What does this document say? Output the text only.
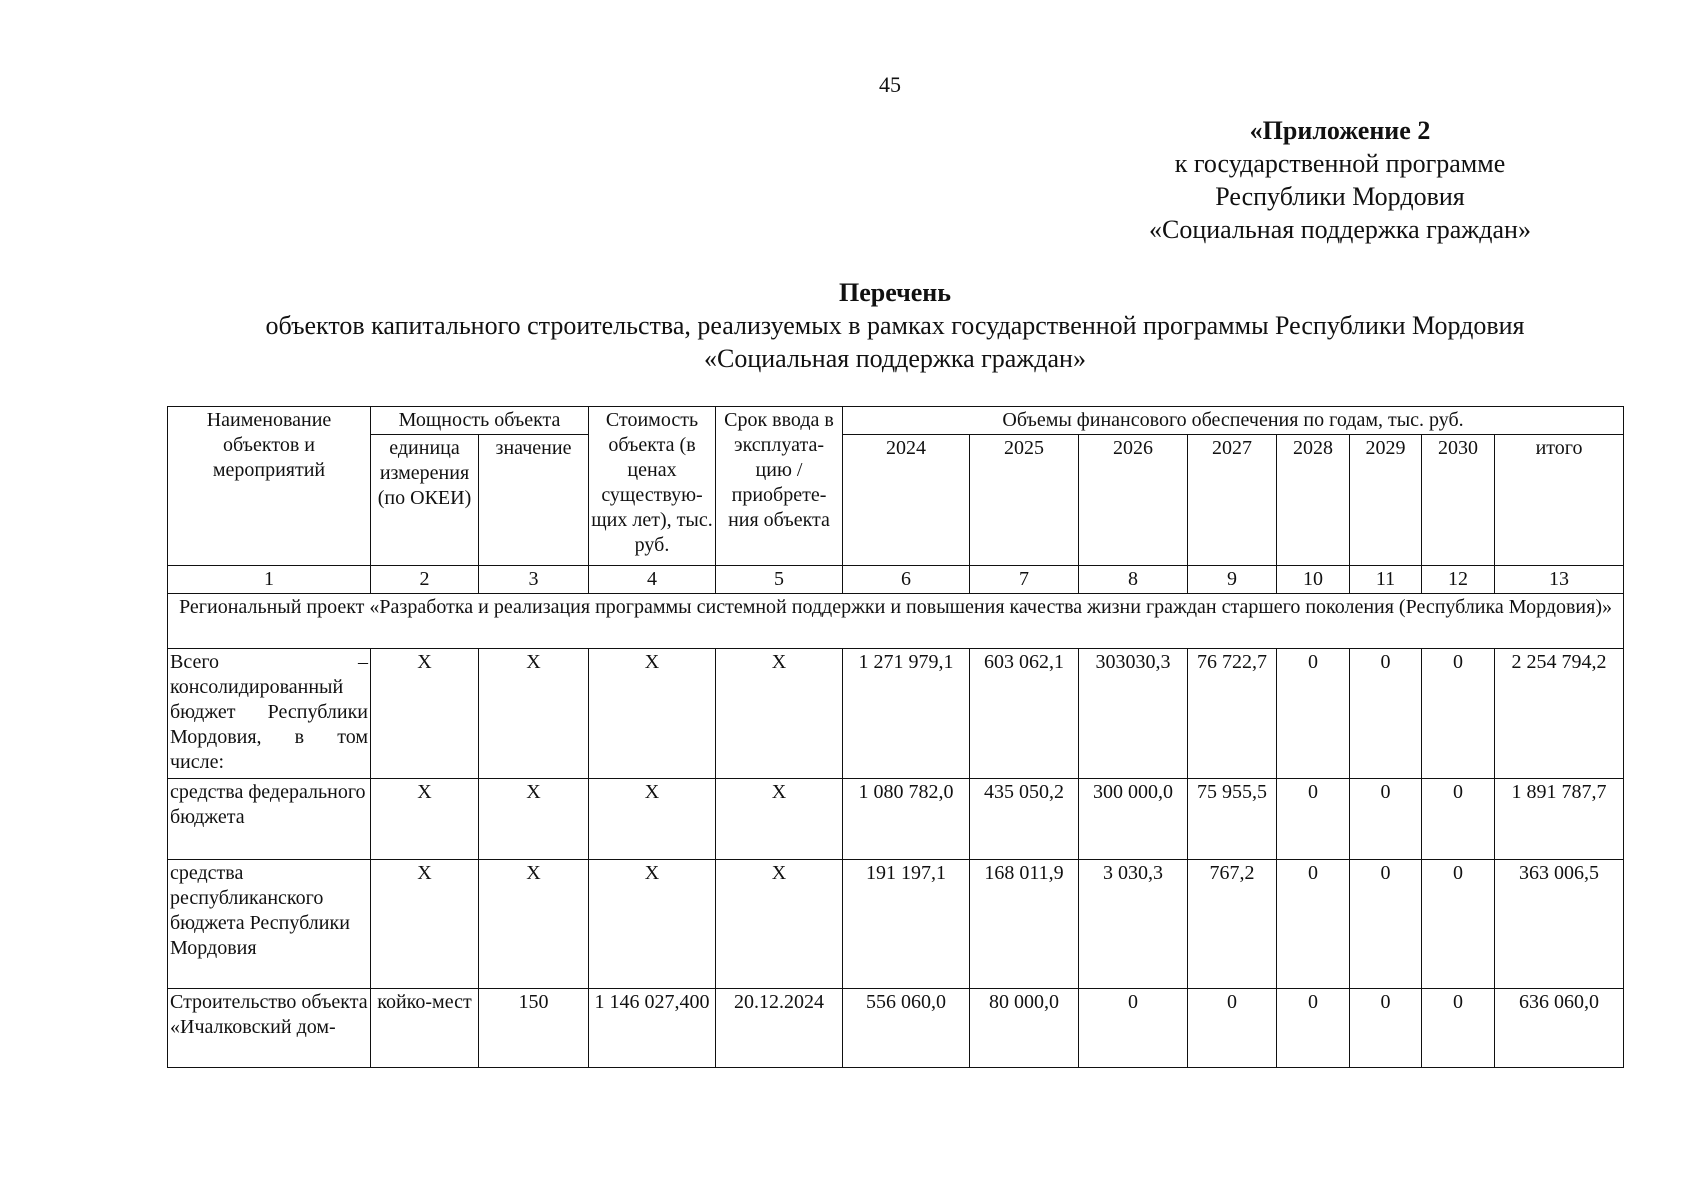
45
«Приложение 2
к государственной программе
Республики Мордовия
«Социальная поддержка граждан»
Перечень
объектов капитального строительства, реализуемых в рамках государственной программы Республики Мордовия
«Социальная поддержка граждан»
Наименование объектов и мероприятий	Мощность объекта		Стоимость объекта (в ценах существую-щих лет), тыс. руб.	Срок ввода в эксплуата-цию / приобрете-ния объекта	Объемы финансового обеспечения по годам, тыс. руб.							
	единица измерения (по ОКЕИ)	значение			2024	2025	2026	2027	2028	2029	2030	итого
1	2	3	4	5	6	7	8	9	10	11	12	13
Региональный проект «Разработка и реализация программы системной поддержки и повышения качества жизни граждан старшего поколения (Республика Мордовия)»												
Всего – консолидированный бюджет Республики Мордовия, в том числе:	X	X	X	X	1 271 979,1	603 062,1	303030,3	76 722,7	0	0	0	2 254 794,2
средства федерального бюджета	X	X	X	X	1 080 782,0	435 050,2	300 000,0	75 955,5	0	0	0	1 891 787,7
средства республиканского бюджета Республики Мордовия	X	X	X	X	191 197,1	168 011,9	3 030,3	767,2	0	0	0	363 006,5
Строительство объекта «Ичалковский дом-	койко-мест	150	1 146 027,400	20.12.2024	556 060,0	80 000,0	0	0	0	0	0	636 060,0
